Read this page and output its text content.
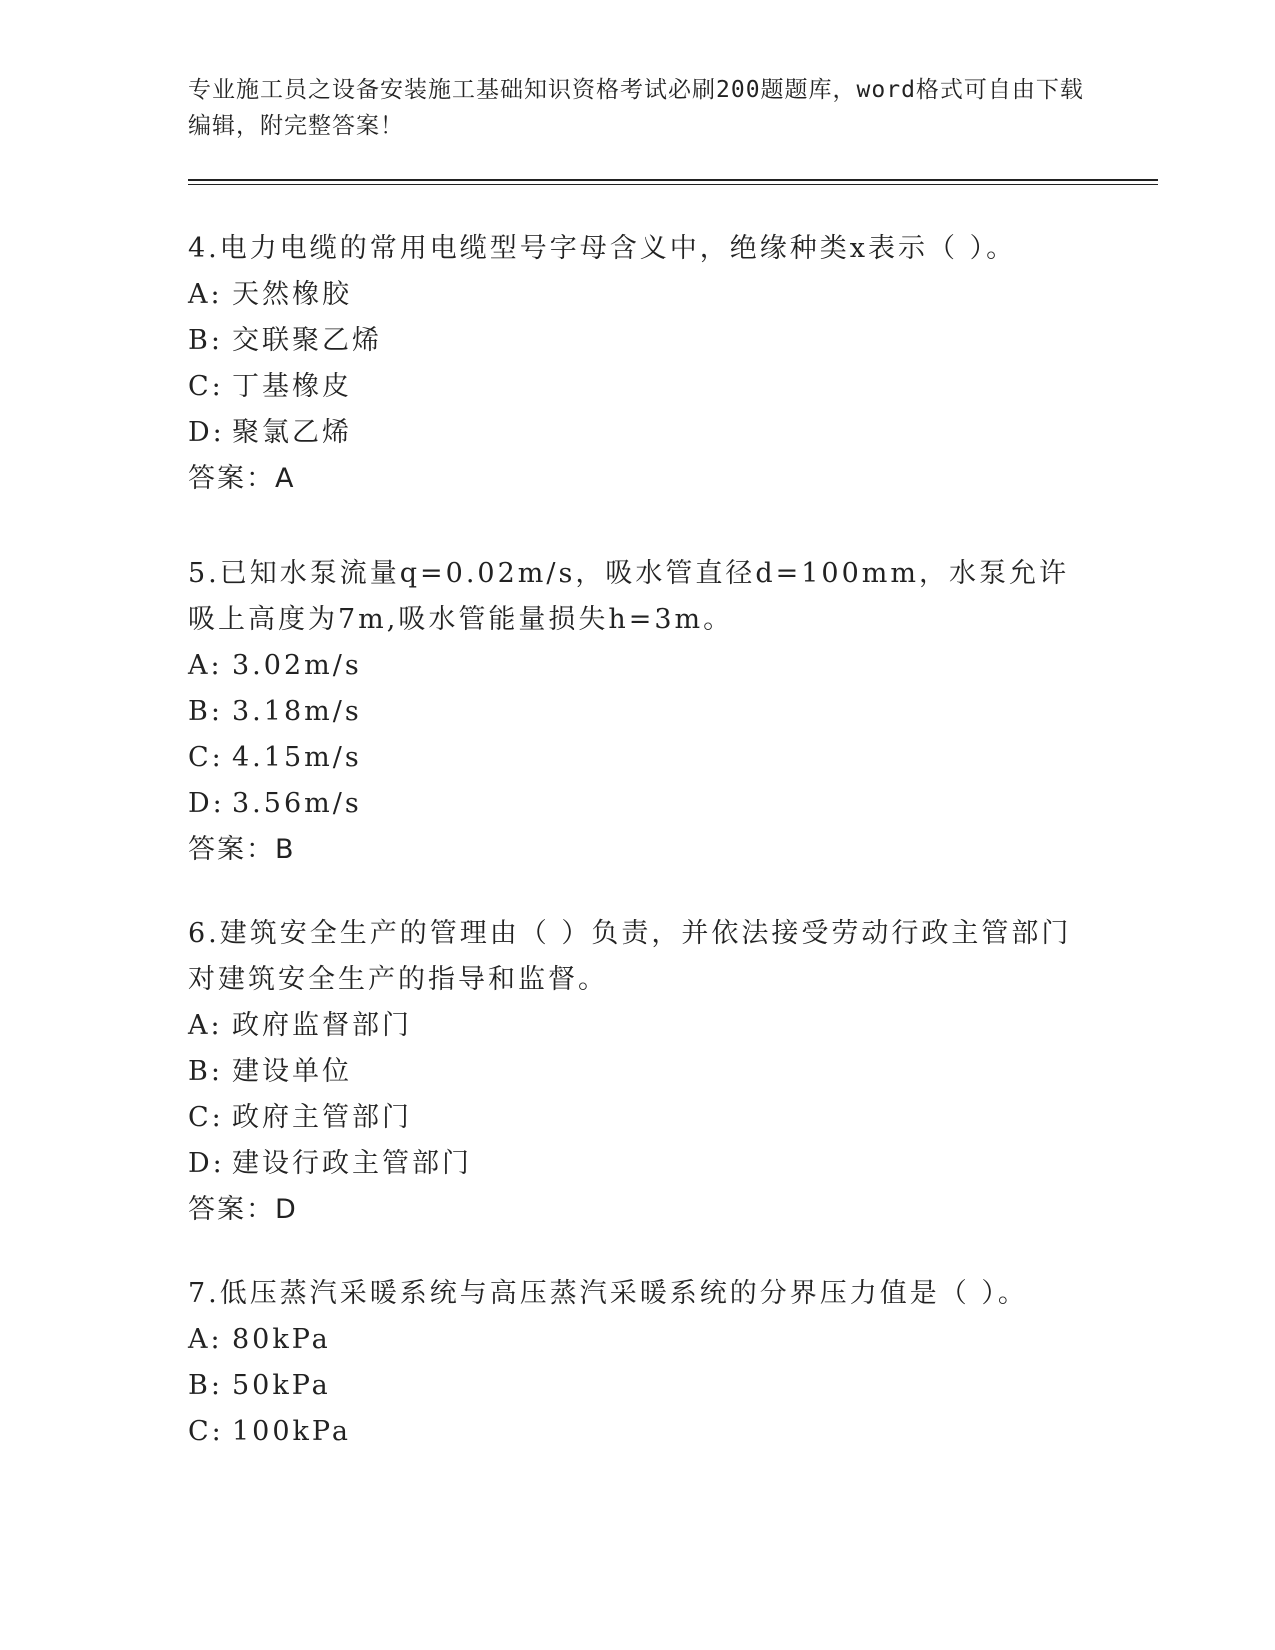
专业施工员之设备安装施工基础知识资格考试必刷200题题库，word格式可自由下载编辑，附完整答案！

4.电力电缆的常用电缆型号字母含义中，绝缘种类x表示（ ）。

A: 天然橡胶

B: 交联聚乙烯

C: 丁基橡皮

D: 聚氯乙烯

答案：A

5.已知水泵流量q=0.02m/s，吸水管直径d=100mm，水泵允许吸上高度为7m,吸水管能量损失h=3m。

A: 3.02m/s

B: 3.18m/s

C: 4.15m/s

D: 3.56m/s

答案：B

6.建筑安全生产的管理由（ ）负责，并依法接受劳动行政主管部门对建筑安全生产的指导和监督。

A: 政府监督部门

B: 建设单位

C: 政府主管部门

D: 建设行政主管部门

答案：D

7.低压蒸汽采暖系统与高压蒸汽采暖系统的分界压力值是（ ）。

A: 80kPa

B: 50kPa

C: 100kPa
